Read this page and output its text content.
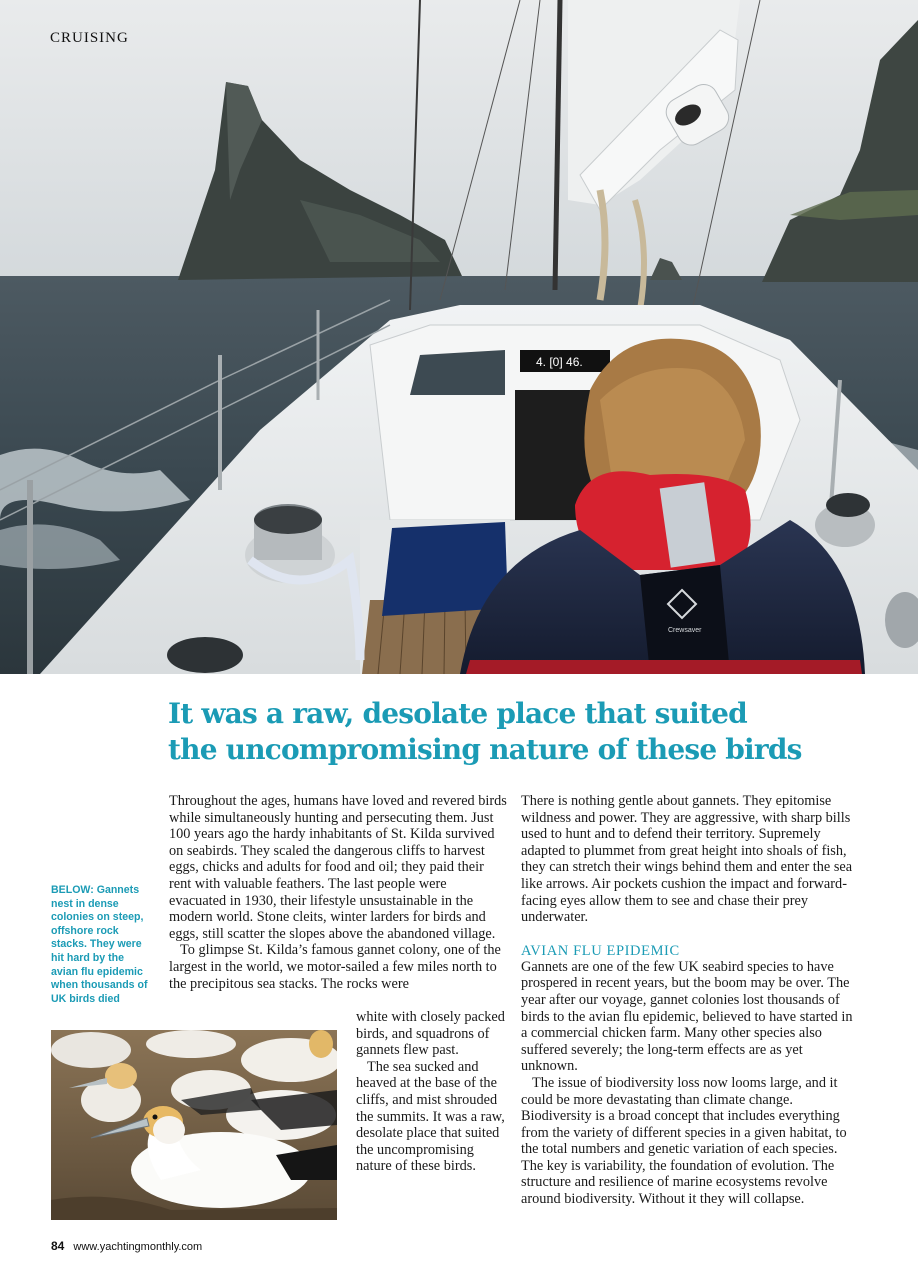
CRUISING
4. [0] 46.
Crewsaver
It was a raw, desolate place that suited
the uncompromising nature of these birds
BELOW: Gannets nest in dense colonies on steep, offshore rock stacks. They were hit hard by the avian flu epidemic when thousands of UK birds died

Throughout the ages, humans have loved and revered birds while simultaneously hunting and persecuting them. Just 100 years ago the hardy inhabitants of St. Kilda survived on seabirds. They scaled the dangerous cliffs to harvest eggs, chicks and adults for food and oil; they paid their rent with valuable feathers. The last people were evacuated in 1930, their lifestyle unsustainable in the modern world. Stone cleits, winter larders for birds and eggs, still scatter the slopes above the abandoned village.

To glimpse St. Kilda’s famous gannet colony, one of the largest in the world, we motor-sailed a few miles north to the precipitous sea stacks. The rocks were

white with closely packed birds, and squadrons of gannets flew past.

The sea sucked and heaved at the base of the cliffs, and mist shrouded the summits. It was a raw, desolate place that suited the uncompromising nature of these birds.

There is nothing gentle about gannets. They epitomise wildness and power. They are aggressive, with sharp bills used to hunt and to defend their territory. Supremely adapted to plummet from great height into shoals of fish, they can stretch their wings behind them and enter the sea like arrows. Air pockets cushion the impact and forward-facing eyes allow them to see and chase their prey underwater.

AVIAN FLU EPIDEMIC

Gannets are one of the few UK seabird species to have prospered in recent years, but the boom may be over. The year after our voyage, gannet colonies lost thousands of birds to the avian flu epidemic, believed to have started in a commercial chicken farm. Many other species also suffered severely; the long-term effects are as yet unknown.

The issue of biodiversity loss now looms large, and it could be more devastating than climate change. Biodiversity is a broad concept that includes everything from the variety of different species in a given habitat, to the total numbers and genetic variation of each species. The key is variability, the foundation of evolution. The structure and resilience of marine ecosystems revolve around biodiversity. Without it they will collapse.

84 www.yachtingmonthly.com
